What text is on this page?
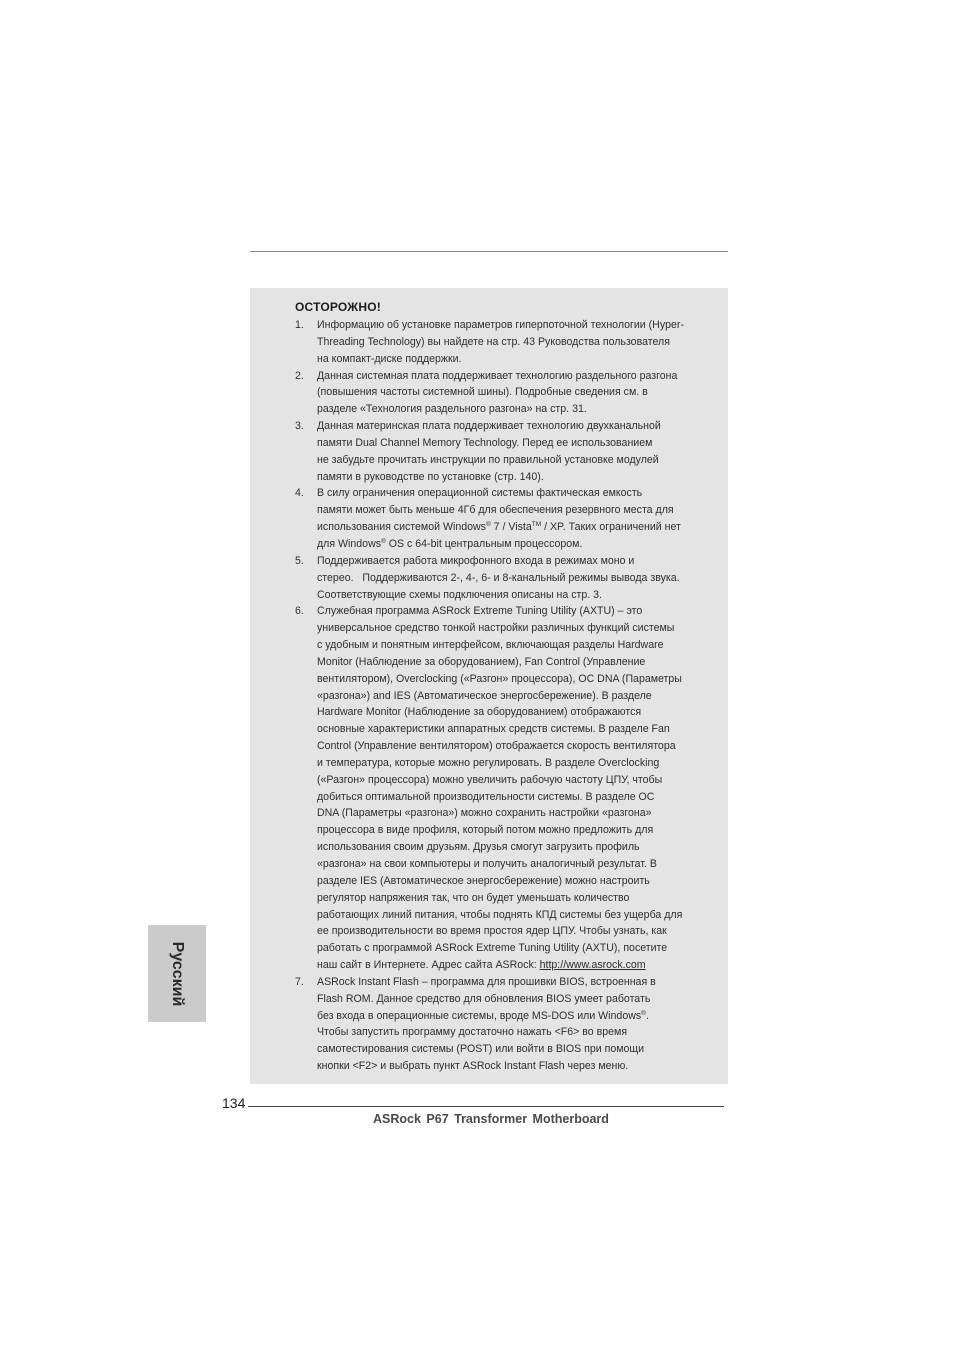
ОСТОРОЖНО!
1. Информацию об установке параметров гиперпоточной технологии (Hyper-
Threading Technology) вы найдете на стр. 43 Руководства пользователя
на компакт-диске поддержки.
2. Данная системная плата поддерживает технологию раздельного разгона
(повышения частоты системной шины). Подробные сведения см. в
разделе «Технология раздельного разгона» на стр. 31.
3. Данная материнская плата поддерживает технологию двухканальной
памяти Dual Channel Memory Technology. Перед ее использованием
не забудьте прочитать инструкции по правильной установке модулей
памяти в руководстве по установке (стр. 140).
4. В силу ограничения операционной системы фактическая емкость
памяти может быть меньше 4Гб для обеспечения резервного места для
использования системой Windows® 7 / Vista™ / XP. Таких ограничений нет
для Windows® OS с 64-bit центральным процессором.
5. Поддерживается работа микрофонного входа в режимах моно и
стерео.   Поддерживаются 2-, 4-, 6- и 8-канальный режимы вывода звука.
Соответствующие схемы подключения описаны на стр. 3.
6. Служебная программа ASRock Extreme Tuning Utility (AXTU) – это
универсальное средство тонкой настройки различных функций системы
с удобным и понятным интерфейсом, включающая разделы Hardware
Monitor (Наблюдение за оборудованием), Fan Control (Управление
вентилятором), Overclocking («Разгон» процессора), OC DNA (Параметры
«разгона») and IES (Автоматическое энергосбережение). В разделе
Hardware Monitor (Наблюдение за оборудованием) отображаются
основные характеристики аппаратных средств системы. В разделе Fan
Control (Управление вентилятором) отображается скорость вентилятора
и температура, которые можно регулировать. В разделе Overclocking
(«Разгон» процессора) можно увеличить рабочую частоту ЦПУ, чтобы
добиться оптимальной производительности системы. В разделе OC
DNA (Параметры «разгона») можно сохранить настройки «разгона»
процессора в виде профиля, который потом можно предложить для
использования своим друзьям. Друзья смогут загрузить профиль
«разгона» на свои компьютеры и получить аналогичный результат. В
разделе IES (Автоматическое энергосбережение) можно настроить
регулятор напряжения так, что он будет уменьшать количество
работающих линий питания, чтобы поднять КПД системы без ущерба для
ее производительности во время простоя ядер ЦПУ. Чтобы узнать, как
работать с программой ASRock Extreme Tuning Utility (AXTU), посетите
наш сайт в Интернете. Адрес сайта ASRock: http://www.asrock.com
7. ASRock Instant Flash – программа для прошивки BIOS, встроенная в
Flash ROM. Данное средство для обновления BIOS умеет работать
без входа в операционные системы, вроде MS-DOS или Windows®.
Чтобы запустить программу достаточно нажать <F6> во время
самотестирования системы (POST) или войти в BIOS при помощи
кнопки <F2> и выбрать пункт ASRock Instant Flash через меню.
Русский
134
ASRock P67 Transformer Motherboard
